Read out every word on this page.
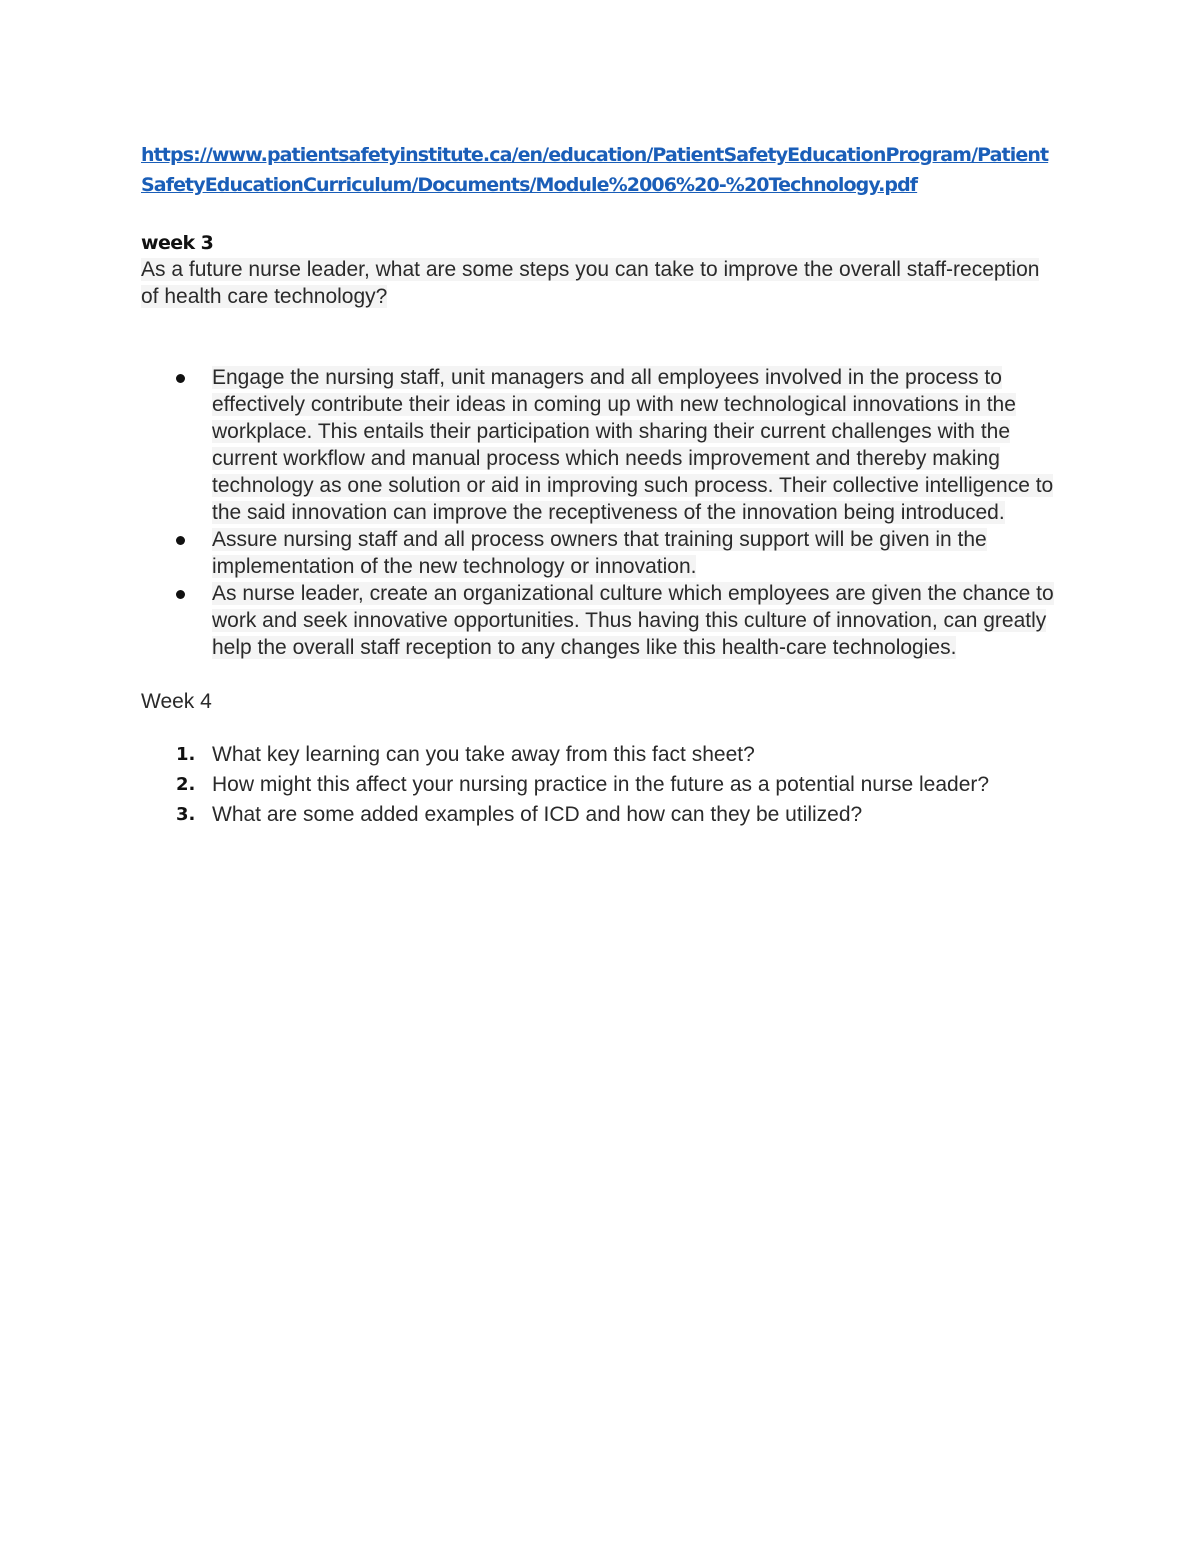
https://www.patientsafetyinstitute.ca/en/education/PatientSafetyEducationProgram/PatientSafetyEducationCurriculum/Documents/Module%2006%20-%20Technology.pdf
week 3
As a future nurse leader, what are some steps you can take to improve the overall staff-reception of health care technology?
Engage the nursing staff, unit managers and all employees involved in the process to effectively contribute their ideas in coming up with new technological innovations in the workplace. This entails their participation with sharing their current challenges with the current workflow and manual process which needs improvement and thereby making technology as one solution or aid in improving such process. Their collective intelligence to the said innovation can improve the receptiveness of the innovation being introduced.
Assure nursing staff and all process owners that training support will be given in the implementation of the new technology or innovation.
As nurse leader, create an organizational culture which employees are given the chance to work and seek innovative opportunities. Thus having this culture of innovation, can greatly help the overall staff reception to any changes like this health-care technologies.
Week 4
1. What key learning can you take away from this fact sheet?
2. How might this affect your nursing practice in the future as a potential nurse leader?
3. What are some added examples of ICD and how can they be utilized?
